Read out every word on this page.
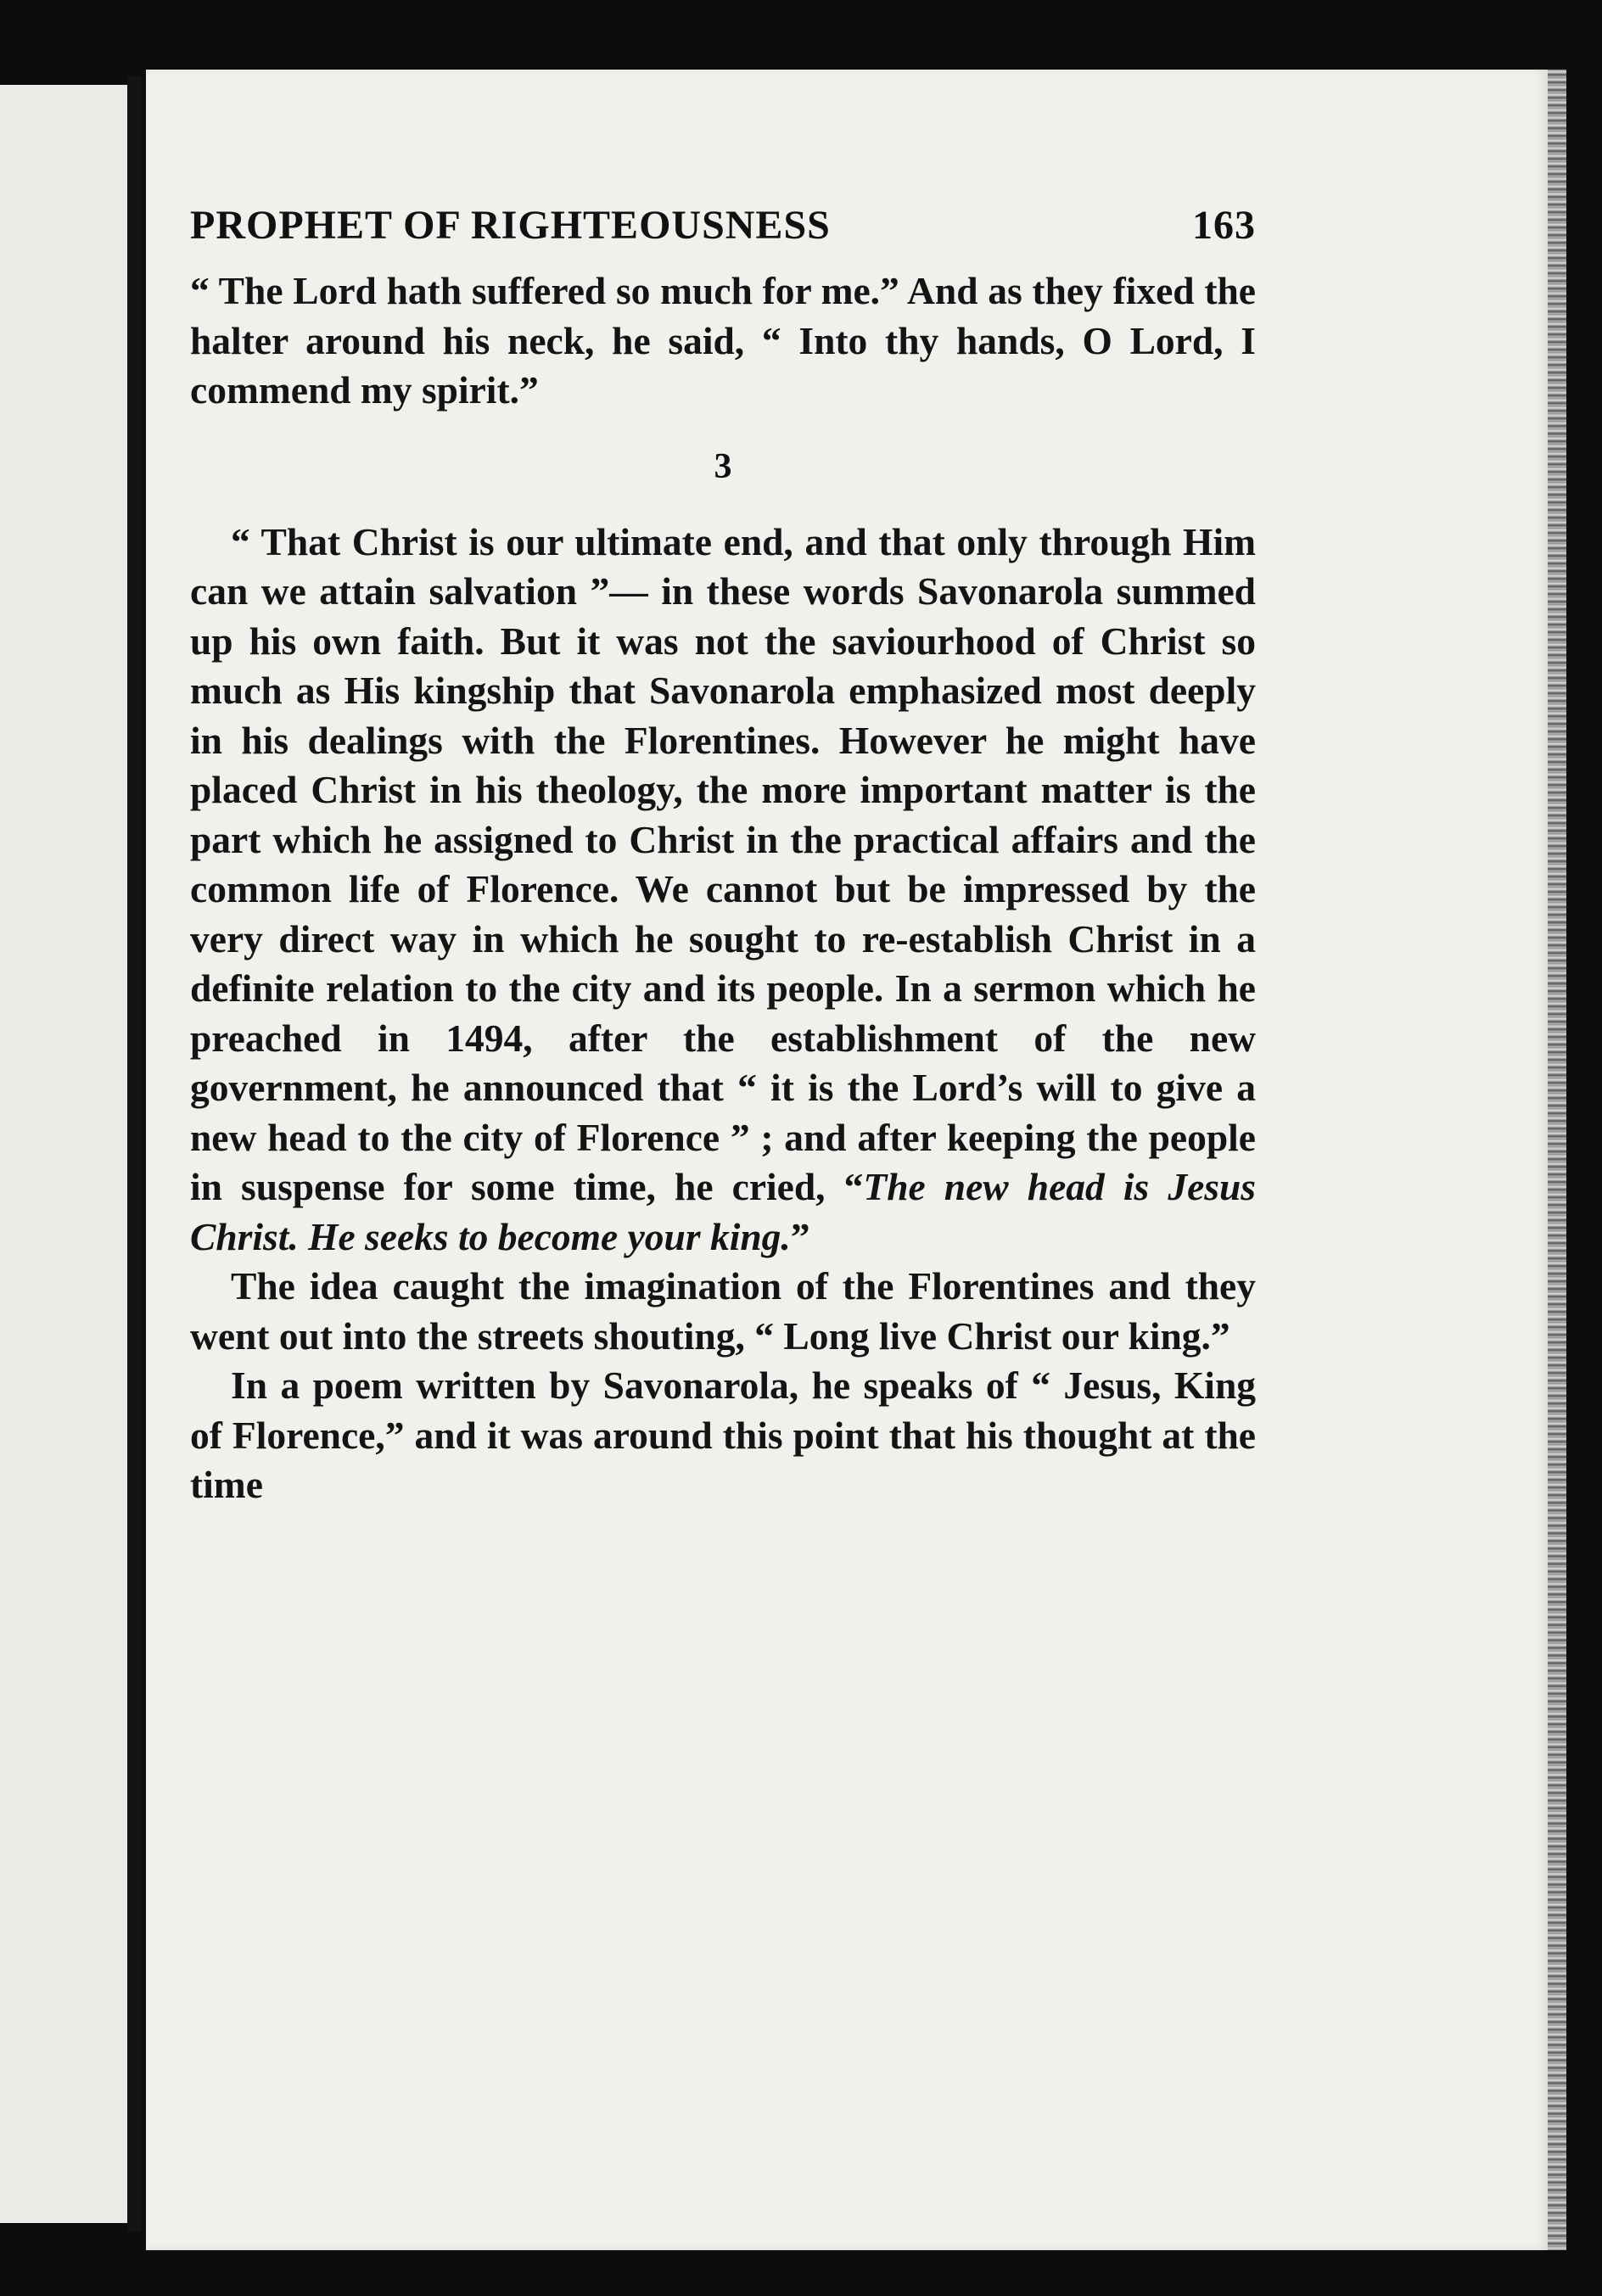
PROPHET OF RIGHTEOUSNESS	163

“ The Lord hath suffered so much for me.” And as they fixed the halter around his neck, he said, “ Into thy hands, O Lord, I commend my spirit.”

3

“ That Christ is our ultimate end, and that only through Him can we attain salvation ”— in these words Savonarola summed up his own faith. But it was not the saviourhood of Christ so much as His kingship that Savonarola emphasized most deeply in his dealings with the Florentines. However he might have placed Christ in his theology, the more important matter is the part which he assigned to Christ in the practical affairs and the common life of Florence. We cannot but be impressed by the very direct way in which he sought to re-establish Christ in a definite relation to the city and its people. In a sermon which he preached in 1494, after the establishment of the new government, he announced that “ it is the Lord’s will to give a new head to the city of Florence ” ; and after keeping the people in suspense for some time, he cried, “The new head is Jesus Christ. He seeks to become your king.”

The idea caught the imagination of the Florentines and they went out into the streets shouting, “ Long live Christ our king.”

In a poem written by Savonarola, he speaks of “ Jesus, King of Florence,” and it was around this point that his thought at the time
